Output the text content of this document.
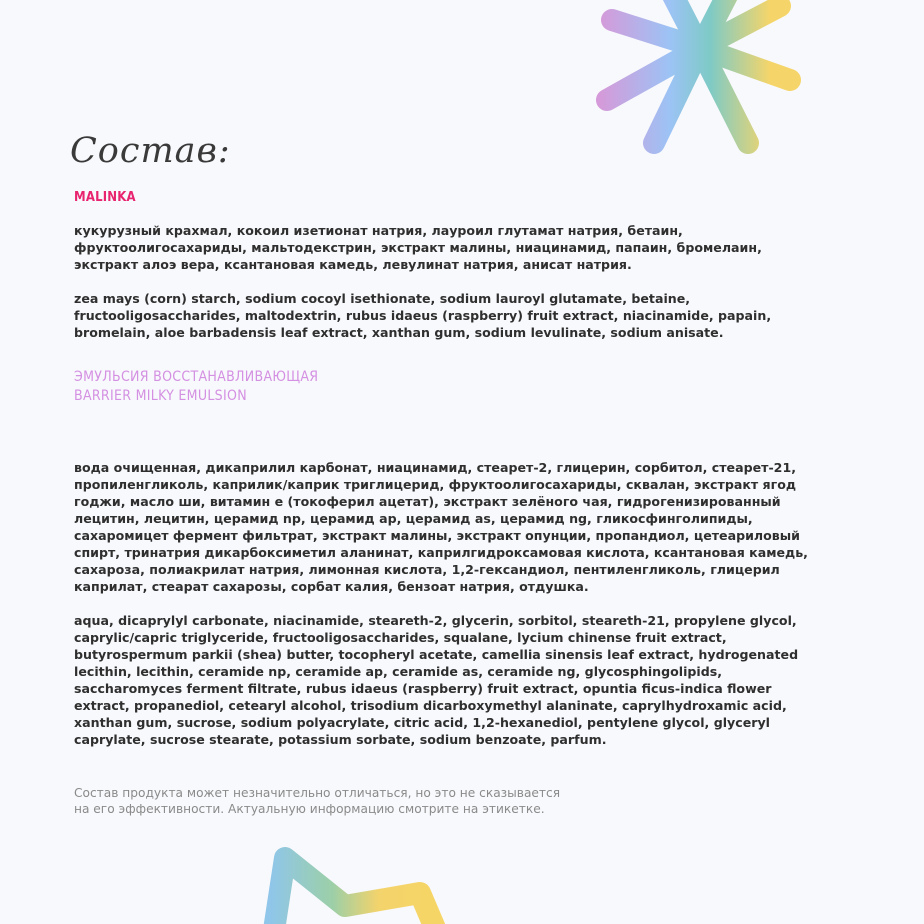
Состав:
MALINKA

кукурузный крахмал, кокоил изетионат натрия, лауроил глутамат натрия, бетаин,
фруктоолигосахариды, мальтодекстрин, экстракт малины, ниацинамид, папаин, бромелаин,
экстракт алоэ вера, ксантановая камедь, левулинат натрия, анисат натрия.

zea mays (corn) starch, sodium cocoyl isethionate, sodium lauroyl glutamate, betaine,
fructooligosaccharides, maltodextrin, rubus idaeus (raspberry) fruit extract, niacinamide, papain,
bromelain, aloe barbadensis leaf extract, xanthan gum, sodium levulinate, sodium anisate.

ЭМУЛЬСИЯ ВОССТАНАВЛИВАЮЩАЯ
BARRIER MILKY EMULSION

вода очищенная, дикаприлил карбонат, ниацинамид, стеарет-2, глицерин, сорбитол, стеарет-21,
пропиленгликоль, каприлик/каприк триглицерид, фруктоолигосахариды, сквалан, экстракт ягод
годжи, масло ши, витамин е (токоферил ацетат), экстракт зелёного чая, гидрогенизированный
лецитин, лецитин, церамид np, церамид ap, церамид as, церамид ng, гликосфинголипиды,
сахаромицет фермент фильтрат, экстракт малины, экстракт опунции, пропандиол, цетеариловый
спирт, тринатрия дикарбоксиметил аланинат, каприлгидроксамовая кислота, ксантановая камедь,
сахароза, полиакрилат натрия, лимонная кислота, 1,2-гександиол, пентиленгликоль, глицерил
каприлат, стеарат сахарозы, сорбат калия, бензоат натрия, отдушка.

aqua, dicaprylyl carbonate, niacinamide, steareth-2, glycerin, sorbitol, steareth-21, propylene glycol,
caprylic/capric triglyceride, fructooligosaccharides, squalane, lycium chinense fruit extract,
butyrospermum parkii (shea) butter, tocopheryl acetate, camellia sinensis leaf extract, hydrogenated
lecithin, lecithin, ceramide np, ceramide ap, ceramide as, ceramide ng, glycosphingolipids,
saccharomyces ferment filtrate, rubus idaeus (raspberry) fruit extract, opuntia ficus-indica flower
extract, propanediol, cetearyl alcohol, trisodium dicarboxymethyl alaninate, caprylhydroxamic acid,
xanthan gum, sucrose, sodium polyacrylate, citric acid, 1,2-hexanediol, pentylene glycol, glyceryl
caprylate, sucrose stearate, potassium sorbate, sodium benzoate, parfum.

Состав продукта может незначительно отличаться, но это не сказывается
на его эффективности. Актуальную информацию смотрите на этикетке.
